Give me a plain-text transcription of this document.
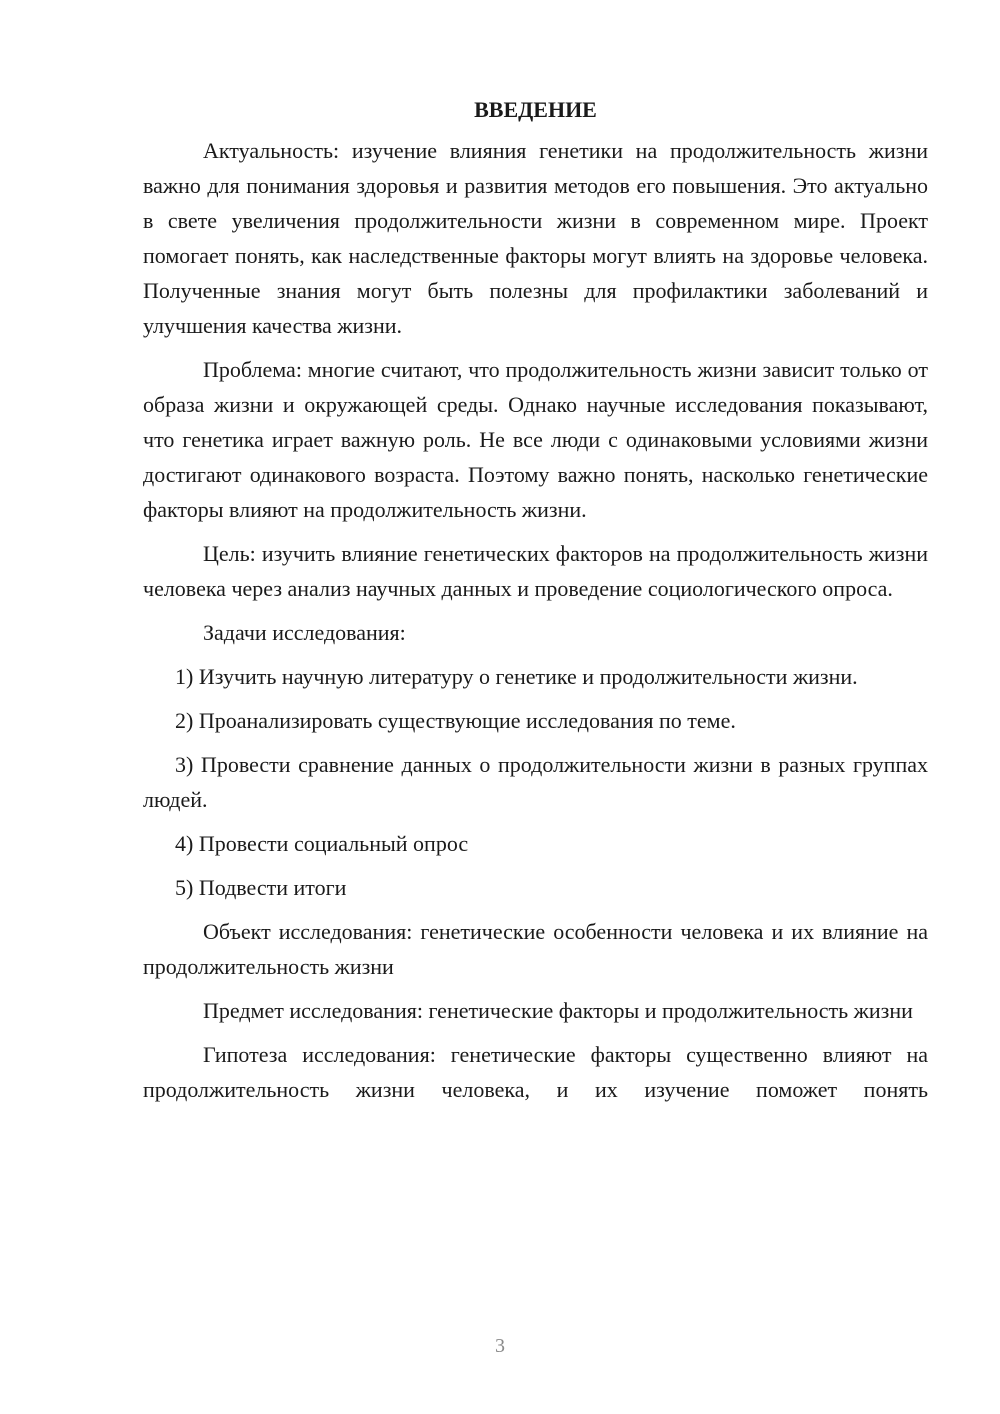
ВВЕДЕНИЕ

Актуальность: изучение влияния генетики на продолжительность жизни важно для понимания здоровья и развития методов его повышения. Это актуально в свете увеличения продолжительности жизни в современном мире. Проект помогает понять, как наследственные факторы могут влиять на здоровье человека. Полученные знания могут быть полезны для профилактики заболеваний и улучшения качества жизни.

Проблема: многие считают, что продолжительность жизни зависит только от образа жизни и окружающей среды. Однако научные исследования показывают, что генетика играет важную роль. Не все люди с одинаковыми условиями жизни достигают одинакового возраста. Поэтому важно понять, насколько генетические факторы влияют на продолжительность жизни.

Цель: изучить влияние генетических факторов на продолжительность жизни человека через анализ научных данных и проведение социологического опроса.

Задачи исследования:

1) Изучить научную литературу о генетике и продолжительности жизни.

2) Проанализировать существующие исследования по теме.

3) Провести сравнение данных о продолжительности жизни в разных группах людей.

4) Провести социальный опрос

5) Подвести итоги

Объект исследования: генетические особенности человека и их влияние на продолжительность жизни

Предмет исследования: генетические факторы и продолжительность жизни

Гипотеза исследования: генетические факторы существенно влияют на продолжительность жизни человека, и их изучение поможет понять

3
